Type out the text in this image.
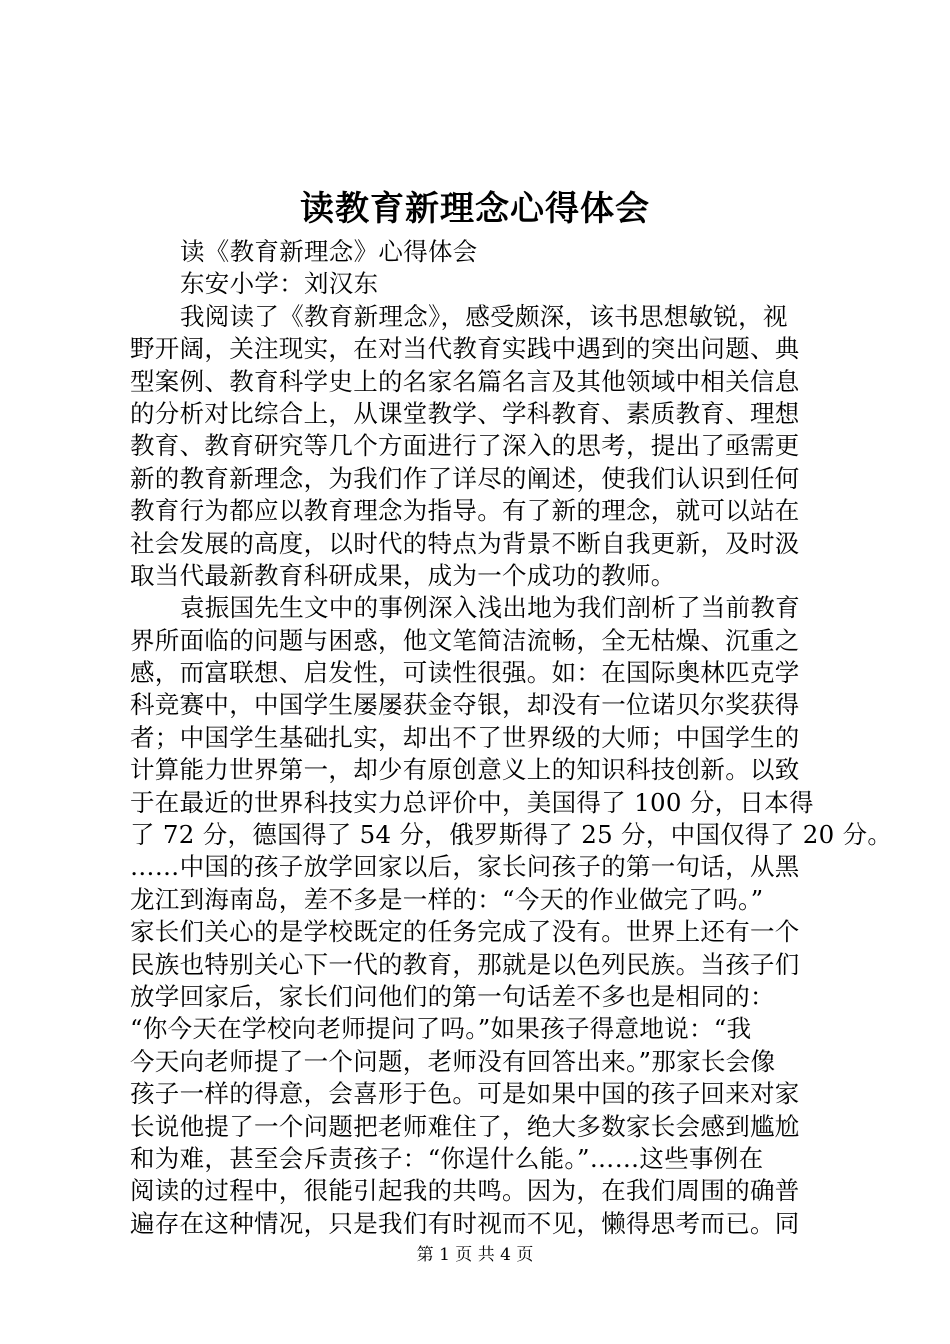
读教育新理念心得体会
读《教育新理念》心得体会
东安小学：刘汉东
我阅读了《教育新理念》，感受颇深，该书思想敏锐，视
野开阔，关注现实，在对当代教育实践中遇到的突出问题、典
型案例、教育科学史上的名家名篇名言及其他领域中相关信息
的分析对比综合上，从课堂教学、学科教育、素质教育、理想
教育、教育研究等几个方面进行了深入的思考，提出了亟需更
新的教育新理念，为我们作了详尽的阐述，使我们认识到任何
教育行为都应以教育理念为指导。有了新的理念，就可以站在
社会发展的高度，以时代的特点为背景不断自我更新，及时汲
取当代最新教育科研成果，成为一个成功的教师。
袁振国先生文中的事例深入浅出地为我们剖析了当前教育
界所面临的问题与困惑，他文笔简洁流畅，全无枯燥、沉重之
感，而富联想、启发性，可读性很强。如：在国际奥林匹克学
科竞赛中，中国学生屡屡获金夺银，却没有一位诺贝尔奖获得
者；中国学生基础扎实，却出不了世界级的大师；中国学生的
计算能力世界第一，却少有原创意义上的知识科技创新。以致
于在最近的世界科技实力总评价中，美国得了 100 分，日本得
了 72 分，德国得了 54 分，俄罗斯得了 25 分，中国仅得了 20 分。
……中国的孩子放学回家以后，家长问孩子的第一句话，从黑
龙江到海南岛，差不多是一样的：“今天的作业做完了吗。”
家长们关心的是学校既定的任务完成了没有。世界上还有一个
民族也特别关心下一代的教育，那就是以色列民族。当孩子们
放学回家后，家长们问他们的第一句话差不多也是相同的：
“你今天在学校向老师提问了吗。”如果孩子得意地说：“我
今天向老师提了一个问题，老师没有回答出来。”那家长会像
孩子一样的得意，会喜形于色。可是如果中国的孩子回来对家
长说他提了一个问题把老师难住了，绝大多数家长会感到尴尬
和为难，甚至会斥责孩子：“你逞什么能。”……这些事例在
阅读的过程中，很能引起我的共鸣。因为，在我们周围的确普
遍存在这种情况，只是我们有时视而不见，懒得思考而已。同
第 1 页 共 4 页
